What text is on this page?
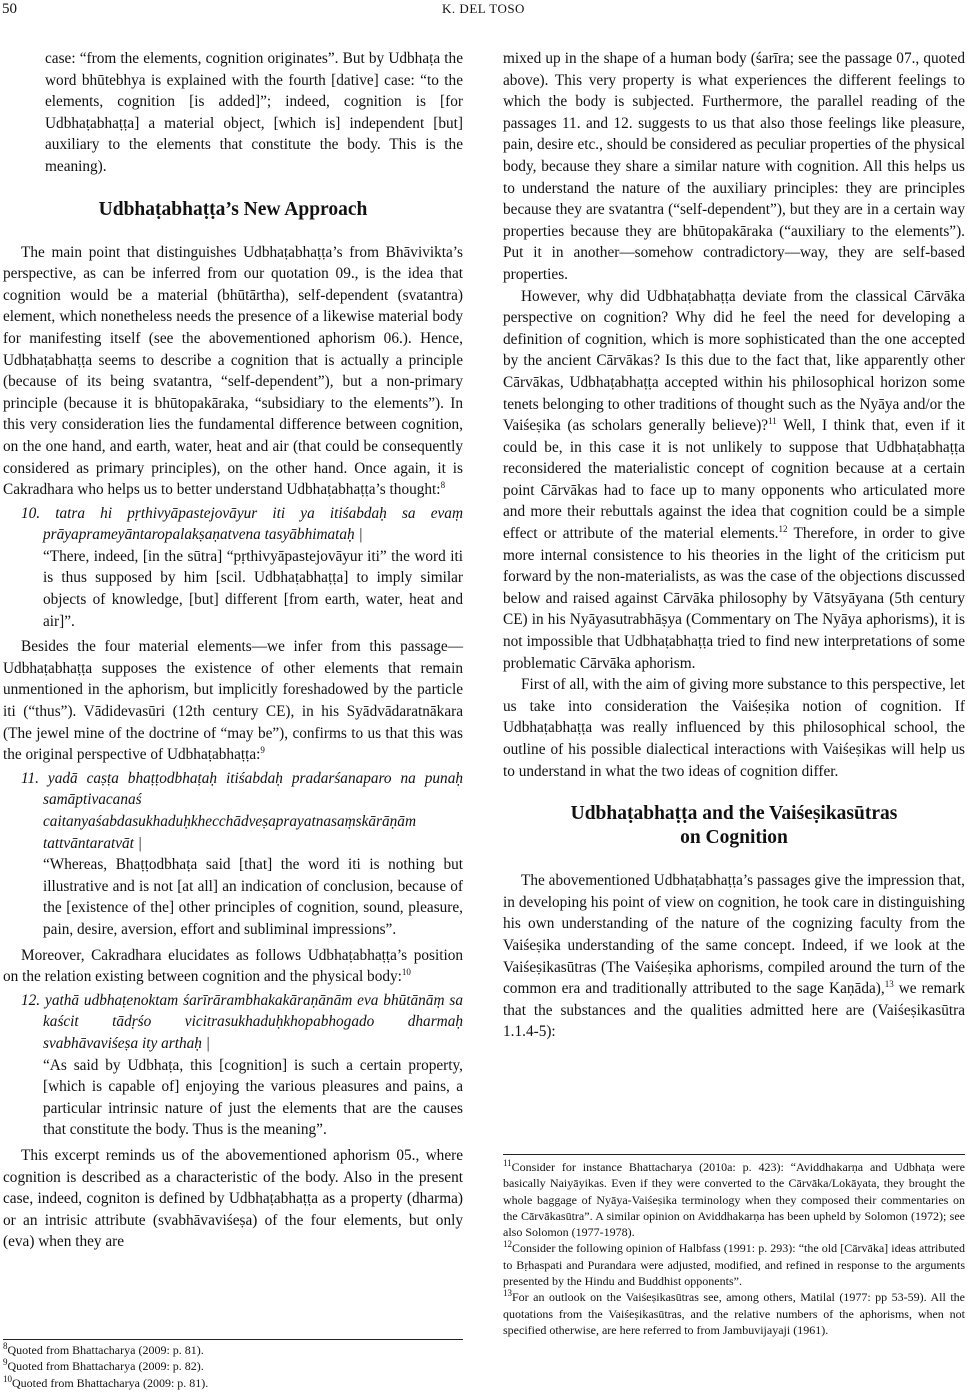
50	K. DEL TOSO

case: “from the elements, cognition originates”. But by Udbhaṭa the word bhūtebhya is explained with the fourth [dative] case: “to the elements, cognition [is added]”; indeed, cognition is [for Udbhaṭabhaṭṭa] a material object, [which is] independent [but] auxiliary to the elements that constitute the body. This is the meaning).

Udbhaṭabhaṭṭa’s New Approach

The main point that distinguishes Udbhaṭabhaṭṭa’s from Bhāvivikta’s perspective, as can be inferred from our quotation 09., is the idea that cognition would be a material (bhūtārtha), self-dependent (svatantra) element, which nonetheless needs the presence of a likewise material body for manifesting itself (see the abovementioned aphorism 06.). Hence, Udbhaṭabhaṭṭa seems to describe a cognition that is actually a principle (because of its being svatantra, “self-dependent”), but a non-primary principle (because it is bhūtopakāraka, “subsidiary to the elements”). In this very consideration lies the fundamental difference between cognition, on the one hand, and earth, water, heat and air (that could be consequently considered as primary principles), on the other hand. Once again, it is Cakradhara who helps us to better understand Udbhaṭabhaṭṭa’s thought:$^8$

10. tatra hi pṛthivyāpastejovāyur iti ya itiśabdaḥ sa evaṃ prāyaprameyāntaropalakṣaṇatvena tasyābhimataḥ |

“There, indeed, [in the sūtra] “pṛthivyāpastejovāyur iti” the word iti is thus supposed by him [scil. Udbhaṭabhaṭṭa] to imply similar objects of knowledge, [but] different [from earth, water, heat and air]”.

Besides the four material elements—we infer from this passage—Udbhaṭabhaṭṭa supposes the existence of other elements that remain unmentioned in the aphorism, but implicitly foreshadowed by the particle iti (“thus”). Vādidevasūri (12th century CE), in his Syādvādaratnākara (The jewel mine of the doctrine of “may be”), confirms to us that this was the original perspective of Udbhaṭabhaṭṭa:$^9$

11. yadā caṣṭa bhaṭṭodbhaṭaḥ itiśabdaḥ pradarśanaparo na punaḥ samāptivacanaś caitanyaśabdasukhaduḥkhecchādveṣaprayatnasaṃskārāṇām tattvāntaratvāt |

“Whereas, Bhaṭṭodbhaṭa said [that] the word iti is nothing but illustrative and is not [at all] an indication of conclusion, because of the [existence of the] other principles of cognition, sound, pleasure, pain, desire, aversion, effort and subliminal impressions”.

Moreover, Cakradhara elucidates as follows Udbhaṭabhaṭṭa’s position on the relation existing between cognition and the physical body:$^{10}$

12. yathā udbhaṭenoktam śarīrārambhakakāraṇānām eva bhūtānāṃ sa kaścit tādṛśo vicitrasukhaduḥkhopabhogado dharmaḥ svabhāvaviśeṣa ity arthaḥ |

“As said by Udbhaṭa, this [cognition] is such a certain property, [which is capable of] enjoying the various pleasures and pains, a particular intrinsic nature of just the elements that are the causes that constitute the body. Thus is the meaning”.

This excerpt reminds us of the abovementioned aphorism 05., where cognition is described as a characteristic of the body. Also in the present case, indeed, cogniton is defined by Udbhaṭabhaṭṭa as a property (dharma) or an intrisic attribute (svabhāvaviśeṣa) of the four elements, but only (eva) when they are

mixed up in the shape of a human body (śarīra; see the passage 07., quoted above). This very property is what experiences the different feelings to which the body is subjected. Furthermore, the parallel reading of the passages 11. and 12. suggests to us that also those feelings like pleasure, pain, desire etc., should be considered as peculiar properties of the physical body, because they share a similar nature with cognition. All this helps us to understand the nature of the auxiliary principles: they are principles because they are svatantra (“self-dependent”), but they are in a certain way properties because they are bhūtopakāraka (“auxiliary to the elements”). Put it in another—somehow contradictory—way, they are self-based properties.

However, why did Udbhaṭabhaṭṭa deviate from the classical Cārvāka perspective on cognition? Why did he feel the need for developing a definition of cognition, which is more sophisticated than the one accepted by the ancient Cārvākas? Is this due to the fact that, like apparently other Cārvākas, Udbhaṭabhaṭṭa accepted within his philosophical horizon some tenets belonging to other traditions of thought such as the Nyāya and/or the Vaiśeṣika (as scholars generally believe)?$^{11}$ Well, I think that, even if it could be, in this case it is not unlikely to suppose that Udbhaṭabhaṭṭa reconsidered the materialistic concept of cognition because at a certain point Cārvākas had to face up to many opponents who articulated more and more their rebuttals against the idea that cognition could be a simple effect or attribute of the material elements.$^{12}$ Therefore, in order to give more internal consistence to his theories in the light of the criticism put forward by the non-materialists, as was the case of the objections discussed below and raised against Cārvāka philosophy by Vātsyāyana (5th century CE) in his Nyāyasutrabhāṣya (Commentary on The Nyāya aphorisms), it is not impossible that Udbhaṭabhaṭṭa tried to find new interpretations of some problematic Cārvāka aphorism.

First of all, with the aim of giving more substance to this perspective, let us take into consideration the Vaiśeṣika notion of cognition. If Udbhaṭabhaṭṭa was really influenced by this philosophical school, the outline of his possible dialectical interactions with Vaiśeṣikas will help us to understand in what the two ideas of cognition differ.

Udbhaṭabhaṭṭa and the Vaiśeṣikasūtras
on Cognition

The abovementioned Udbhaṭabhaṭṭa’s passages give the impression that, in developing his point of view on cognition, he took care in distinguishing his own understanding of the nature of the cognizing faculty from the Vaiśeṣika understanding of the same concept. Indeed, if we look at the Vaiśeṣikasūtras (The Vaiśeṣika aphorisms, compiled around the turn of the common era and traditionally attributed to the sage Kaṇāda),$^{13}$ we remark that the substances and the qualities admitted here are (Vaiśeṣikasūtra 1.1.4-5):

$^8$Quoted from Bhattacharya (2009: p. 81).

$^9$Quoted from Bhattacharya (2009: p. 82).

$^{10}$Quoted from Bhattacharya (2009: p. 81).

$^{11}$Consider for instance Bhattacharya (2010a: p. 423): “Aviddhakarṇa and Udbhaṭa were basically Naiyāyikas. Even if they were converted to the Cārvāka/Lokāyata, they brought the whole baggage of Nyāya-Vaiśeṣika terminology when they composed their commentaries on the Cārvākasūtra”. A similar opinion on Aviddhakarṇa has been upheld by Solomon (1972); see also Solomon (1977-1978).

$^{12}$Consider the following opinion of Halbfass (1991: p. 293): “the old [Cārvāka] ideas attributed to Bṛhaspati and Purandara were adjusted, modified, and refined in response to the arguments presented by the Hindu and Buddhist opponents”.

$^{13}$For an outlook on the Vaiśeṣikasūtras see, among others, Matilal (1977: pp 53-59). All the quotations from the Vaiśeṣikasūtras, and the relative numbers of the aphorisms, when not specified otherwise, are here referred to from Jambuvijayaji (1961).
